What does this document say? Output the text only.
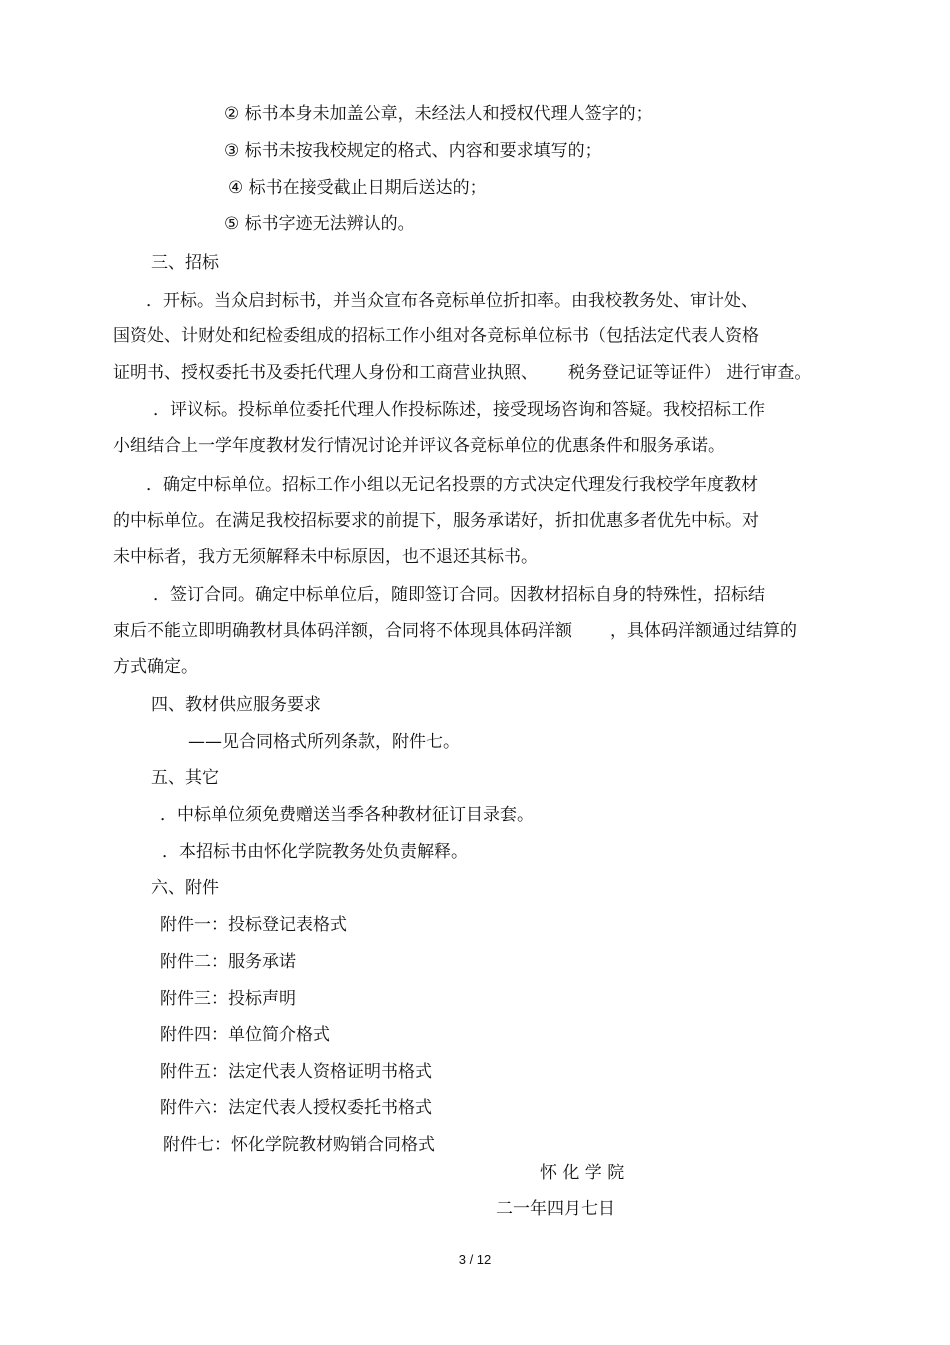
② 标书本身未加盖公章，未经法人和授权代理人签字的；

③ 标书未按我校规定的格式、内容和要求填写的；

④ 标书在接受截止日期后送达的；

⑤ 标书字迹无法辨认的。

三、招标

．开标。当众启封标书，并当众宣布各竞标单位折扣率。由我校教务处、审计处、

国资处、计财处和纪检委组成的招标工作小组对各竞标单位标书（包括法定代表人资格

证明书、授权委托书及委托代理人身份和工商营业执照、 税务登记证等证件） 进行审查。

．评议标。投标单位委托代理人作投标陈述，接受现场咨询和答疑。我校招标工作

小组结合上一学年度教材发行情况讨论并评议各竞标单位的优惠条件和服务承诺。

．确定中标单位。招标工作小组以无记名投票的方式决定代理发行我校学年度教材

的中标单位。在满足我校招标要求的前提下，服务承诺好，折扣优惠多者优先中标。对

未中标者，我方无须解释未中标原因，也不退还其标书。

．签订合同。确定中标单位后，随即签订合同。因教材招标自身的特殊性，招标结

束后不能立即明确教材具体码洋额，合同将不体现具体码洋额 ，具体码洋额通过结算的

方式确定。

四、教材供应服务要求

——见合同格式所列条款，附件七。

五、其它

．中标单位须免费赠送当季各种教材征订目录套。

．本招标书由怀化学院教务处负责解释。

六、附件

附件一：投标登记表格式

附件二：服务承诺

附件三：投标声明

附件四：单位简介格式

附件五：法定代表人资格证明书格式

附件六：法定代表人授权委托书格式

附件七：怀化学院教材购销合同格式

怀 化 学 院

二一年四月七日

3 / 12
